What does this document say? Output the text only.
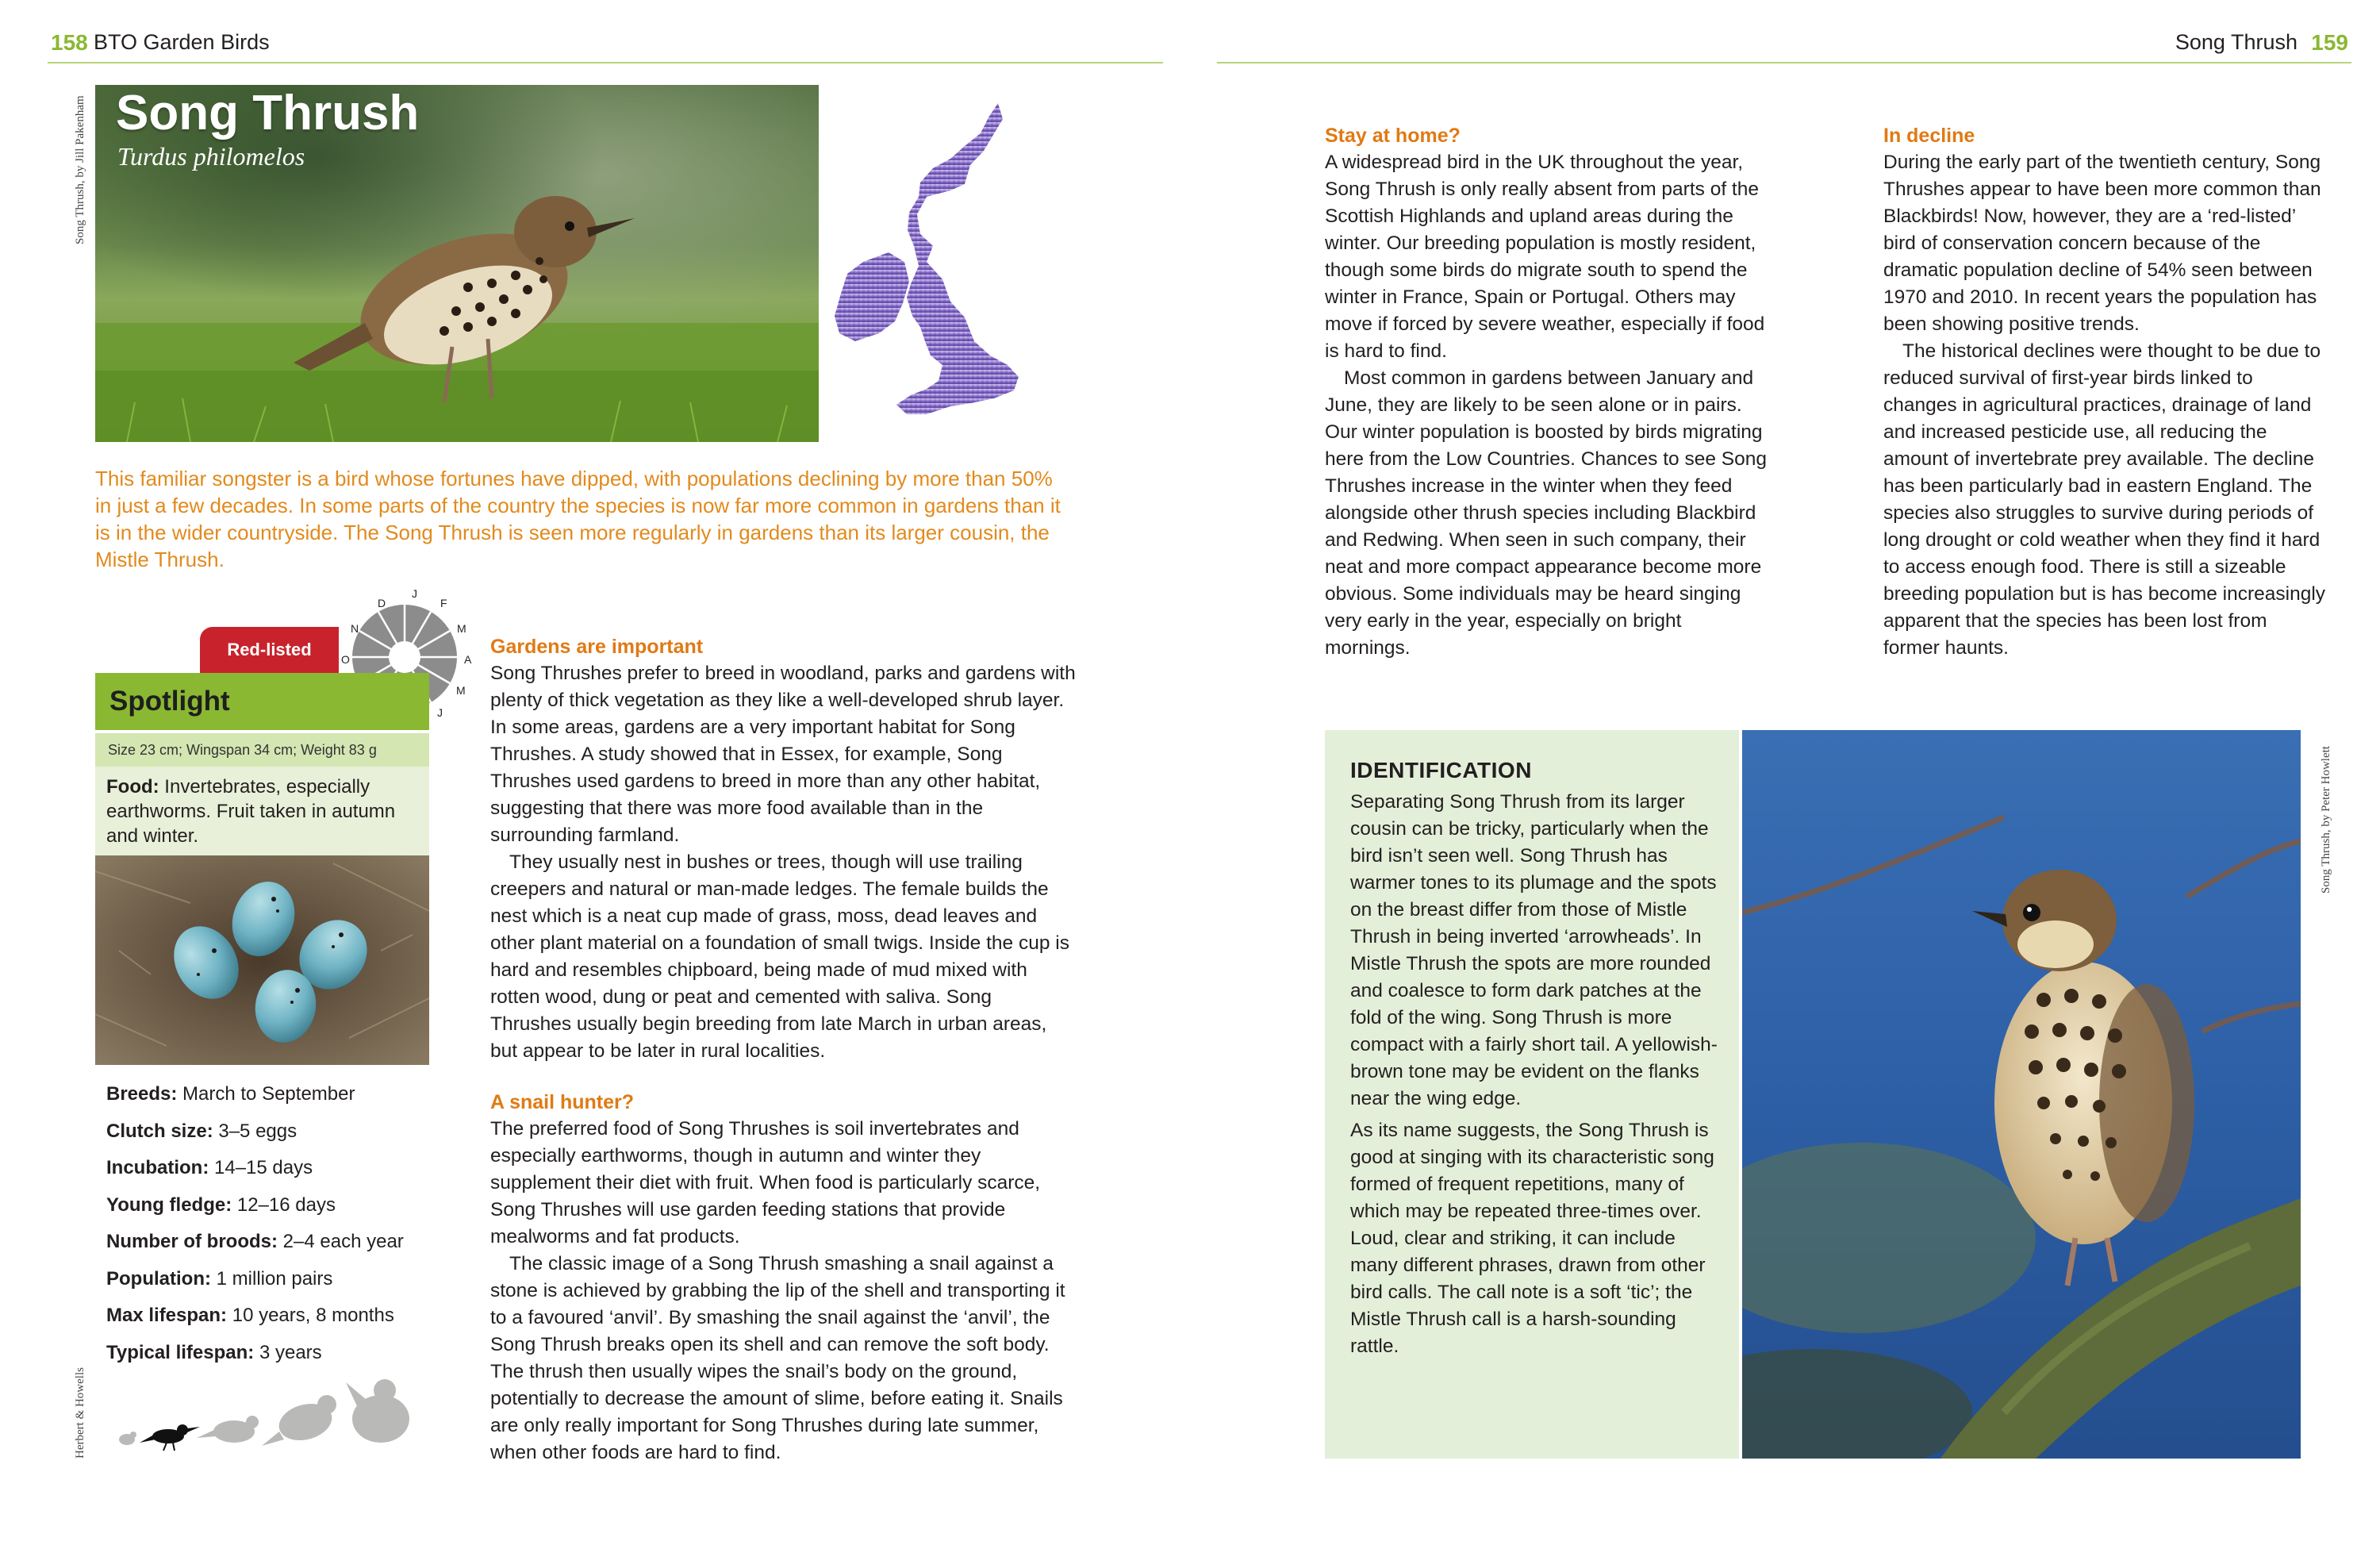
158 BTO Garden Birds	Song Thrush 159
Song Thrush, by Jill Pakenham
Herbert & Howells
Song Thrush
Turdus philomelos
This familiar songster is a bird whose fortunes have dipped, with populations declining by more than 50% in just a few decades. In some parts of the country the species is now far more common in gardens than it is in the wider countryside. The Song Thrush is seen more regularly in gardens than its larger cousin, the Mistle Thrush.
J
F
M
A
M
J
O
N
D
Red-listed
Spotlight
Size 23 cm; Wingspan 34 cm; Weight 83 g
Food: Invertebrates, especially earthworms. Fruit taken in autumn and winter.
Breeds: March to September
Clutch size: 3–5 eggs
Incubation: 14–15 days
Young fledge: 12–16 days
Number of broods: 2–4 each year
Population: 1 million pairs
Max lifespan: 10 years, 8 months
Typical lifespan: 3 years
Gardens are important

Song Thrushes prefer to breed in woodland, parks and gardens with plenty of thick vegetation as they like a well-developed shrub layer. In some areas, gardens are a very important habitat for Song Thrushes. A study showed that in Essex, for example, Song Thrushes used gardens to breed in more than any other habitat, suggesting that there was more food available than in the surrounding farmland.

They usually nest in bushes or trees, though will use trailing creepers and natural or man-made ledges. The female builds the nest which is a neat cup made of grass, moss, dead leaves and other plant material on a foundation of small twigs. Inside the cup is hard and resembles chipboard, being made of mud mixed with rotten wood, dung or peat and cemented with saliva. Song Thrushes usually begin breeding from late March in urban areas, but appear to be later in rural localities.

A snail hunter?

The preferred food of Song Thrushes is soil invertebrates and especially earthworms, though in autumn and winter they supplement their diet with fruit. When food is particularly scarce, Song Thrushes will use garden feeding stations that provide mealworms and fat products.

The classic image of a Song Thrush smashing a snail against a stone is achieved by grabbing the lip of the shell and transporting it to a favoured ‘anvil’. By smashing the snail against the ‘anvil’, the Song Thrush breaks open its shell and can remove the soft body. The thrush then usually wipes the snail’s body on the ground, potentially to decrease the amount of slime, before eating it. Snails are only really important for Song Thrushes during late summer, when other foods are hard to find.

Stay at home?

A widespread bird in the UK throughout the year, Song Thrush is only really absent from parts of the Scottish Highlands and upland areas during the winter. Our breeding population is mostly resident, though some birds do migrate south to spend the winter in France, Spain or Portugal. Others may move if forced by severe weather, especially if food is hard to find.

Most common in gardens between January and June, they are likely to be seen alone or in pairs. Our winter population is boosted by birds migrating here from the Low Countries. Chances to see Song Thrushes increase in the winter when they feed alongside other thrush species including Blackbird and Redwing. When seen in such company, their neat and more compact appearance become more obvious. Some individuals may be heard singing very early in the year, especially on bright mornings.

In decline

During the early part of the twentieth century, Song Thrushes appear to have been more common than Blackbirds! Now, however, they are a ‘red-listed’ bird of conservation concern because of the dramatic population decline of 54% seen between 1970 and 2010. In recent years the population has been showing positive trends.

The historical declines were thought to be due to reduced survival of first-year birds linked to changes in agricultural practices, drainage of land and increased pesticide use, all reducing the amount of invertebrate prey available. The decline has been particularly bad in eastern England. The species also struggles to survive during periods of long drought or cold weather when they find it hard to access enough food. There is still a sizeable breeding population but is has become increasingly apparent that the species has been lost from former haunts.

IDENTIFICATION

Separating Song Thrush from its larger cousin can be tricky, particularly when the bird isn’t seen well. Song Thrush has warmer tones to its plumage and the spots on the breast differ from those of Mistle Thrush in being inverted ‘arrowheads’. In Mistle Thrush the spots are more rounded and coalesce to form dark patches at the fold of the wing. Song Thrush is more compact with a fairly short tail. A yellowish-brown tone may be evident on the flanks near the wing edge.

As its name suggests, the Song Thrush is good at singing with its characteristic song formed of frequent repetitions, many of which may be repeated three-times over. Loud, clear and striking, it can include many different phrases, drawn from other bird calls. The call note is a soft ‘tic’; the Mistle Thrush call is a harsh-sounding rattle.

Song Thrush, by Peter Howlett
